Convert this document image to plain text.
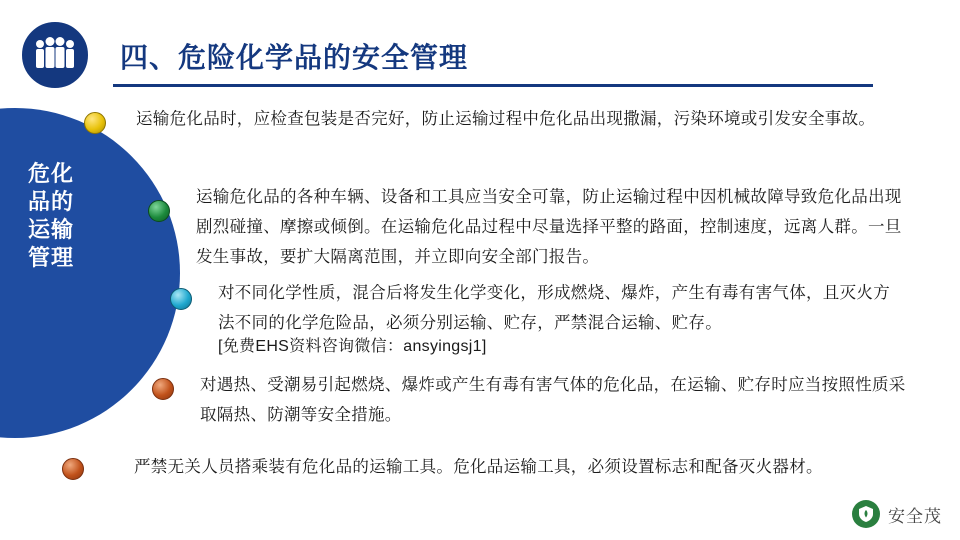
四、危险化学品的安全管理
危化品的运输管理
运输危化品时，应检查包装是否完好，防止运输过程中危化品出现撒漏，污染环境或引发安全事故。
运输危化品的各种车辆、设备和工具应当安全可靠，防止运输过程中因机械故障导致危化品出现剧烈碰撞、摩擦或倾倒。在运输危化品过程中尽量选择平整的路面，控制速度，远离人群。一旦发生事故，要扩大隔离范围，并立即向安全部门报告。
对不同化学性质，混合后将发生化学变化，形成燃烧、爆炸，产生有毒有害气体，且灭火方法不同的化学危险品，必须分别运输、贮存，严禁混合运输、贮存。
[免费EHS资料咨询微信：ansyingsj1]
对遇热、受潮易引起燃烧、爆炸或产生有毒有害气体的危化品，在运输、贮存时应当按照性质采取隔热、防潮等安全措施。
严禁无关人员搭乘装有危化品的运输工具。危化品运输工具，必须设置标志和配备灭火器材。
安全茂
